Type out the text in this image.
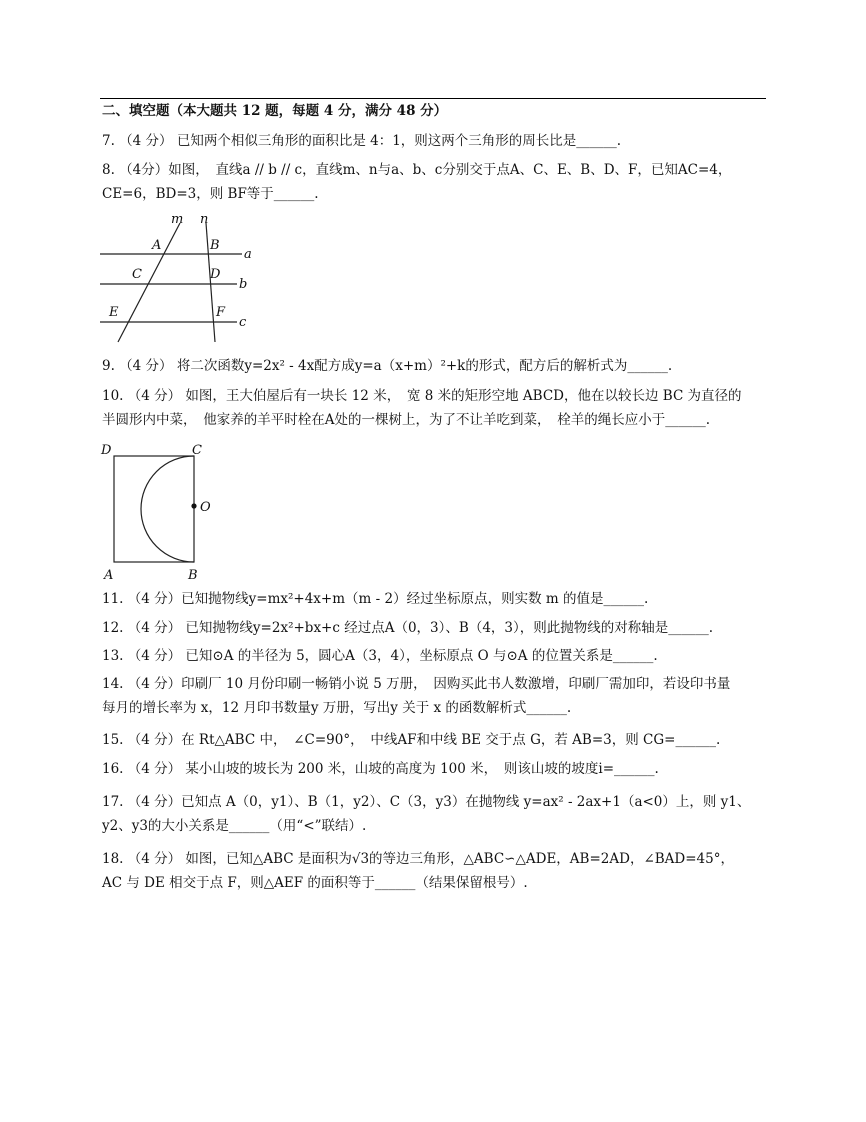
二、填空题（本大题共 12 题，每题 4 分，满分 48 分）
7. （4 分） 已知两个相似三角形的面积比是 4：1，则这两个三角形的周长比是______.
8. （4分）如图，　直线a // b // c，直线m、n与a、b、c分别交于点A、C、E、B、D、F，已知AC=4，
CE=6，BD=3，则 BF等于______.
m n
A	B
C	D
E	F
a
b
c
9. （4 分） 将二次函数y=2x² - 4x配方成y=a（x+m）²+k的形式，配方后的解析式为______.
10. （4 分） 如图，王大伯屋后有一块长 12 米，　宽 8 米的矩形空地 ABCD，他在以较长边 BC 为直径的
半圆形内中菜，　他家养的羊平时栓在A处的一棵树上，为了不让羊吃到菜，　栓羊的绳长应小于______.
D	C
O
A	B
11. （4 分）已知抛物线y=mx²+4x+m（m - 2）经过坐标原点，则实数 m 的值是______.
12. （4 分） 已知抛物线y=2x²+bx+c 经过点A（0，3）、B（4，3），则此抛物线的对称轴是______.
13. （4 分） 已知⊙A 的半径为 5，圆心A（3，4），坐标原点 O 与⊙A 的位置关系是______.
14. （4 分）印刷厂 10 月份印刷一畅销小说 5 万册，　因购买此书人数激增，印刷厂需加印，若设印书量
每月的增长率为 x，12 月印书数量y 万册，写出y 关于 x 的函数解析式______.
15. （4 分）在 Rt△ABC 中，　∠C=90°，　中线AF和中线 BE 交于点 G，若 AB=3，则 CG=______.
16. （4 分） 某小山坡的坡长为 200 米，山坡的高度为 100 米，　则该山坡的坡度i=______.
17. （4 分）已知点 A（0，y1）、B（1，y2）、C（3，y3）在抛物线 y=ax² - 2ax+1（a<0）上，则 y1、
y2、y3的大小关系是______（用“<”联结）.
18. （4 分） 如图，已知△ABC 是面积为√3的等边三角形，△ABC∽△ADE，AB=2AD，∠BAD=45°，
AC 与 DE 相交于点 F，则△AEF 的面积等于______（结果保留根号）.
